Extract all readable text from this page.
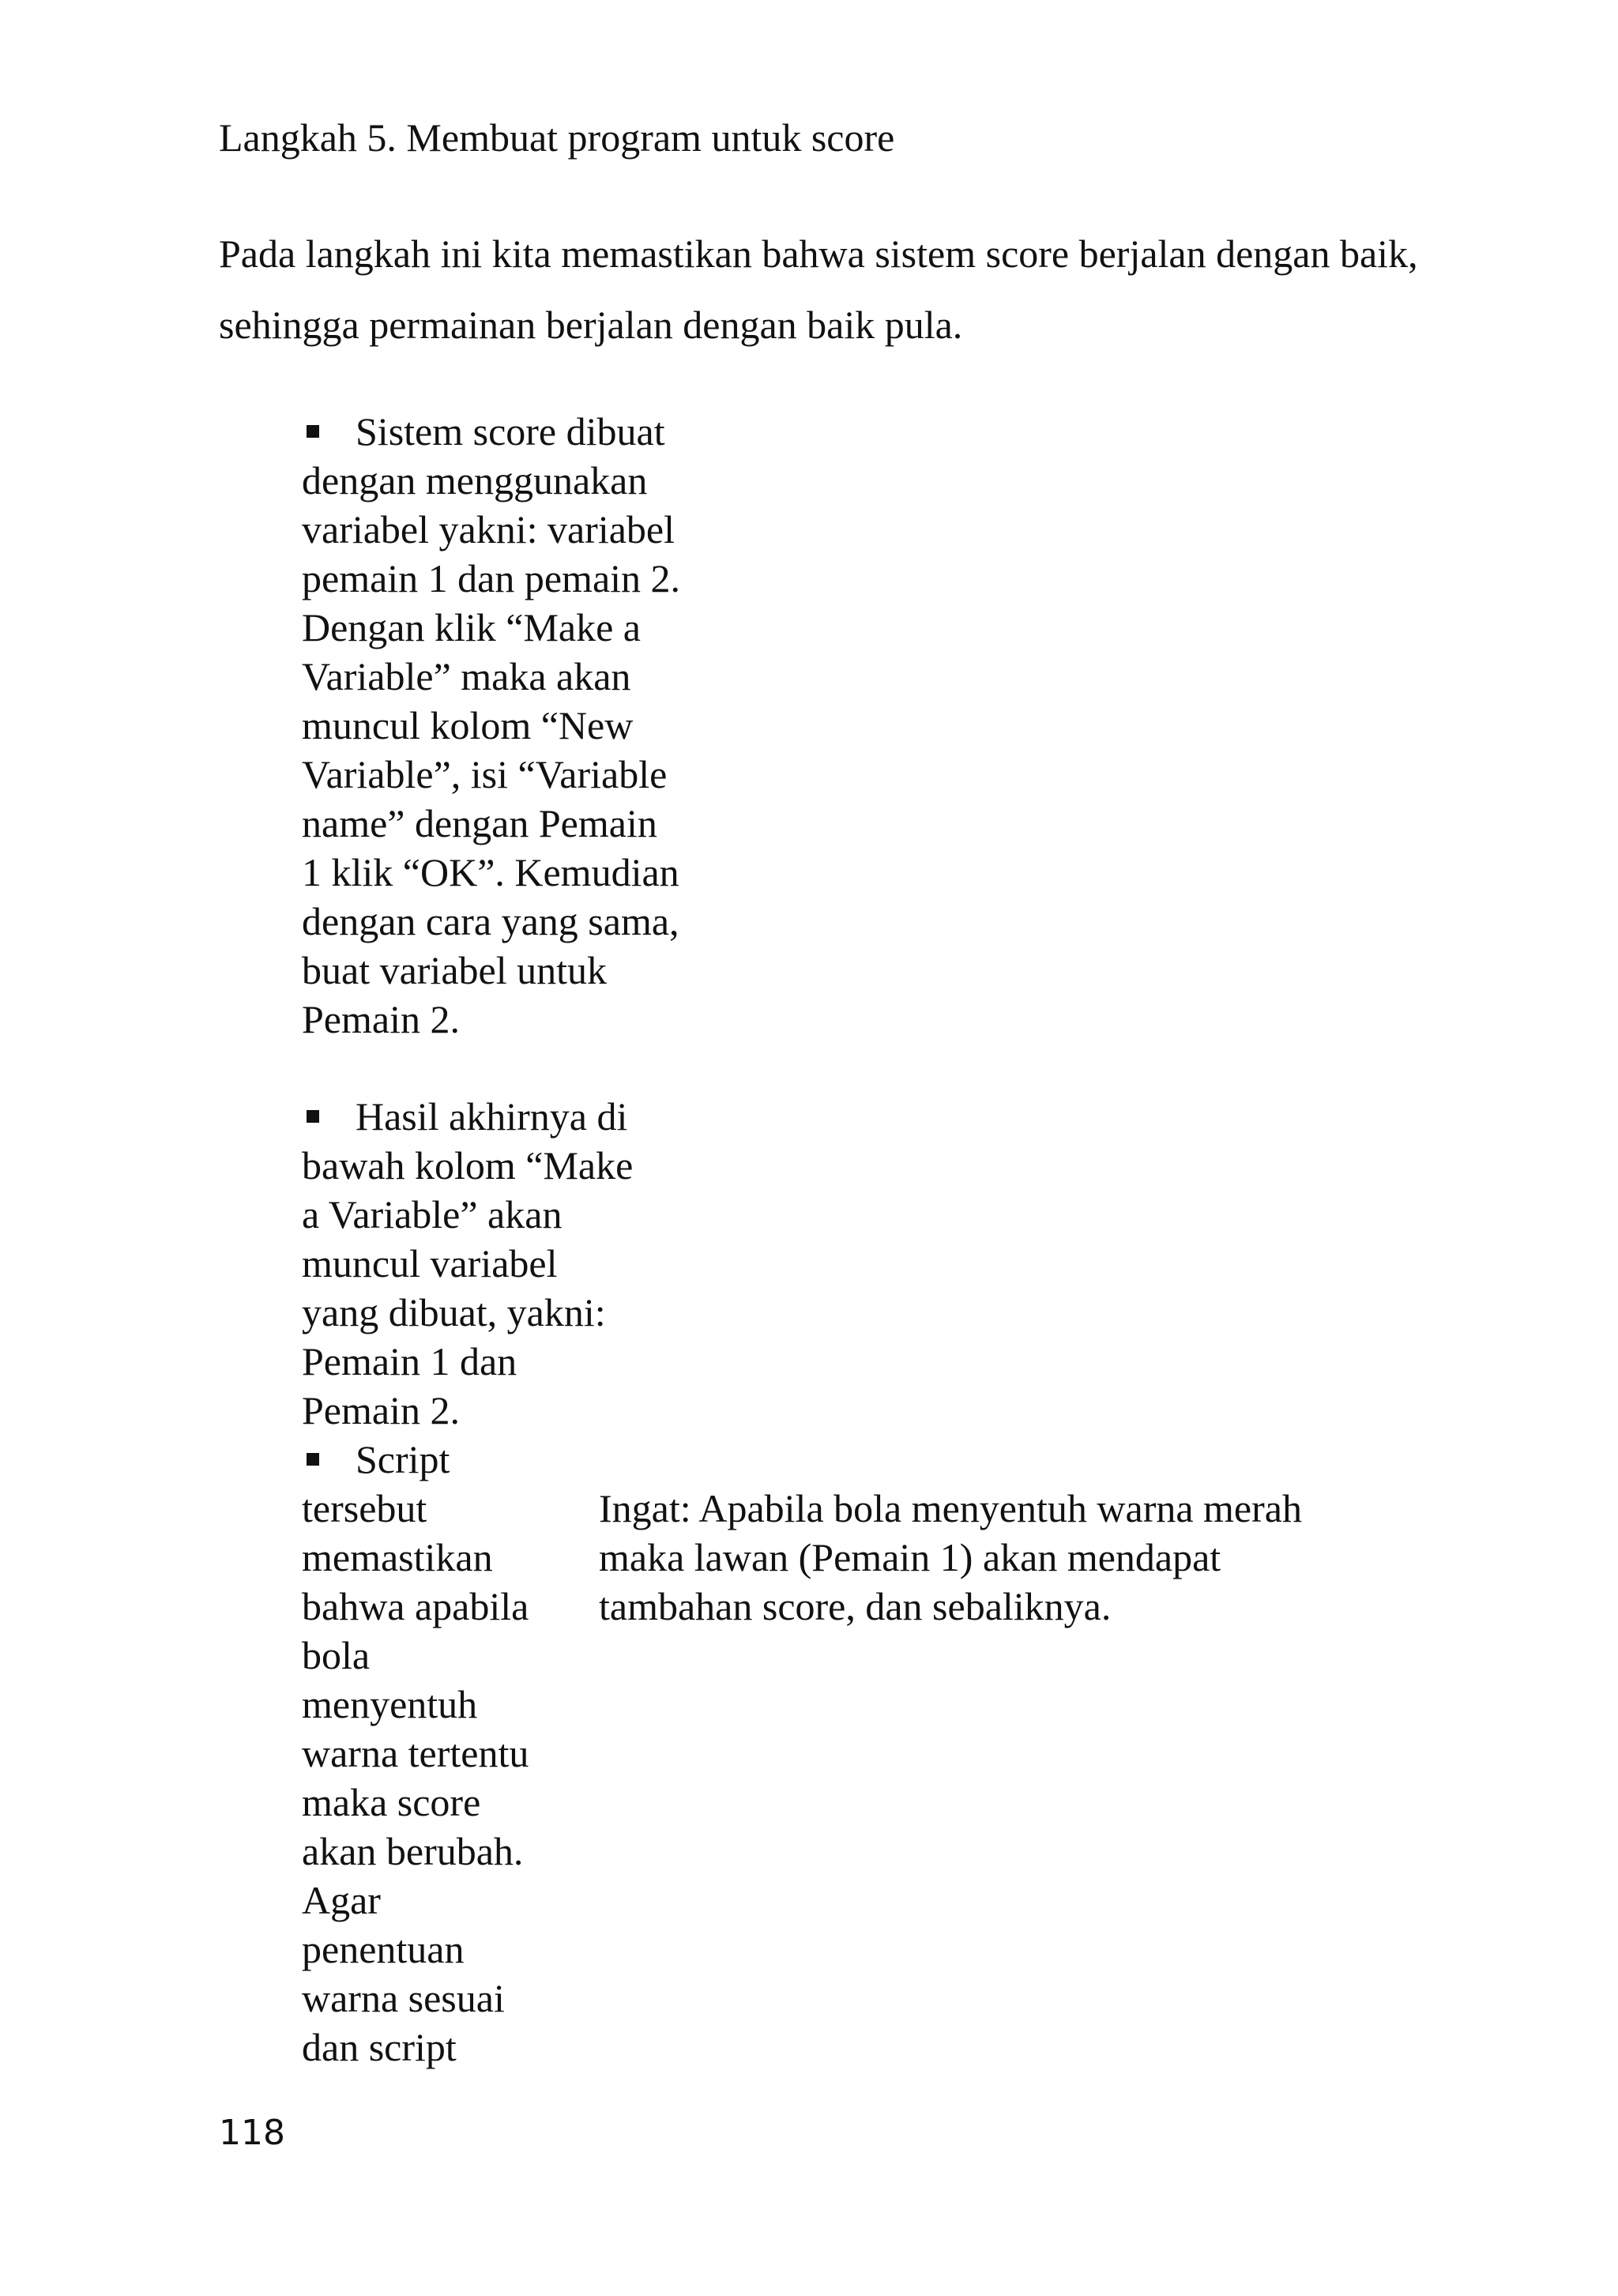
Langkah 5. Membuat program untuk score
Pada langkah ini kita memastikan bahwa sistem score berjalan dengan baik,
sehingga permainan berjalan dengan baik pula.
Sistem score dibuat
dengan menggunakan
variabel yakni: variabel
pemain 1 dan pemain 2.
Dengan klik “Make a
Variable” maka akan
muncul kolom “New
Variable”, isi “Variable
name” dengan Pemain
1 klik “OK”. Kemudian
dengan cara yang sama,
buat variabel untuk
Pemain 2.
Hasil akhirnya di
bawah kolom “Make
a Variable” akan
muncul variabel
yang dibuat, yakni:
Pemain 1 dan
Pemain 2.
Script
tersebut
memastikan
bahwa apabila
bola
menyentuh
warna tertentu
maka score
akan berubah.
Agar
penentuan
warna sesuai
dan script
Ingat: Apabila bola menyentuh warna merah
maka lawan (Pemain 1) akan mendapat
tambahan score, dan sebaliknya.
118
